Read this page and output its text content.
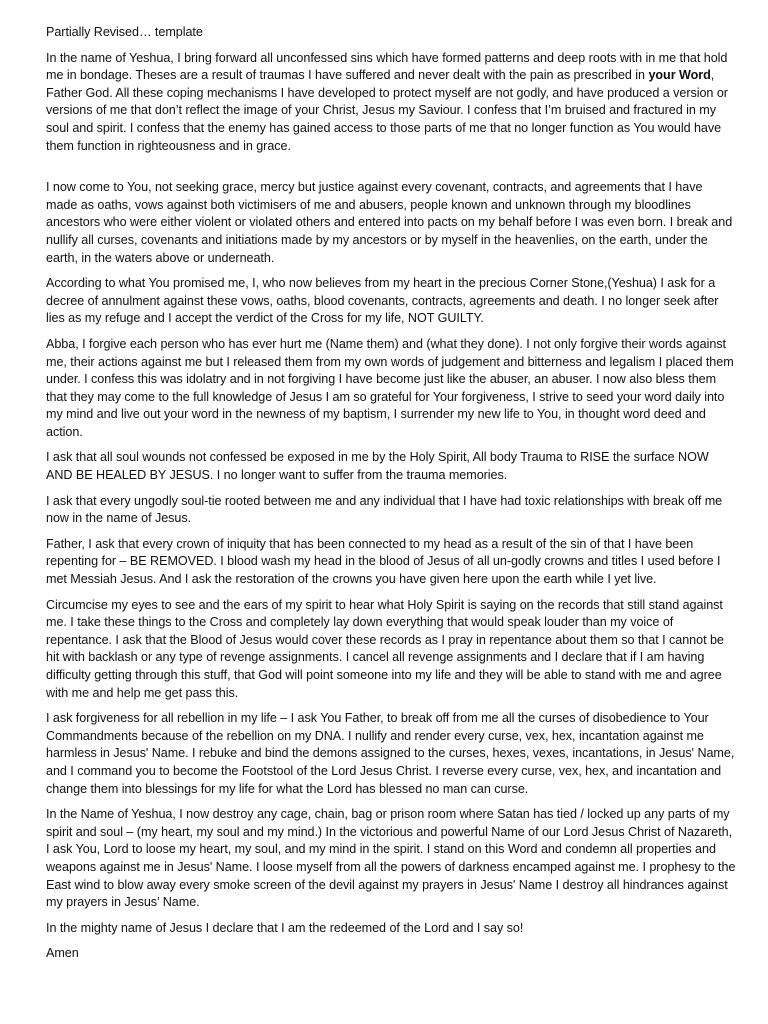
Partially Revised… template

In the name of Yeshua, I bring forward all unconfessed sins which have formed patterns and deep roots with in me that hold me in bondage. Theses are a result of traumas I have suffered and never dealt with the pain as prescribed in your Word, Father God. All these coping mechanisms I have developed to protect myself are not godly, and have produced a version or versions of me that don’t reflect the image of your Christ, Jesus my Saviour. I confess that I’m bruised and fractured in my soul and spirit. I confess that the enemy has gained access to those parts of me that no longer function as You would have them function in righteousness and in grace.

I now come to You, not seeking grace, mercy but justice against every covenant, contracts, and agreements that I have made as oaths, vows against both victimisers of me and abusers, people known and unknown through my bloodlines ancestors who were either violent or violated others and entered into pacts on my behalf before I was even born. I break and nullify all curses, covenants and initiations made by my ancestors or by myself in the heavenlies, on the earth, under the earth, in the waters above or underneath.

According to what You promised me, I, who now believes from my heart in the precious Corner Stone,(Yeshua) I ask for a decree of annulment against these vows, oaths, blood covenants, contracts, agreements and death. I no longer seek after lies as my refuge and I accept the verdict of the Cross for my life, NOT GUILTY.

Abba, I forgive each person who has ever hurt me (Name them) and (what they done). I not only forgive their words against me, their actions against me but I released them from my own words of judgement and bitterness and legalism I placed them under. I confess this was idolatry and in not forgiving I have become just like the abuser, an abuser. I now also bless them that they may come to the full knowledge of Jesus I am so grateful for Your forgiveness, I strive to seed your word daily into my mind and live out your word in the newness of my baptism, I surrender my new life to You, in thought word deed and action.

I ask that all soul wounds not confessed be exposed in me by the Holy Spirit, All body Trauma to RISE the surface NOW AND BE HEALED BY JESUS. I no longer want to suffer from the trauma memories.

I ask that every ungodly soul-tie rooted between me and any individual that I have had toxic relationships with break off me now in the name of Jesus.

Father, I ask that every crown of iniquity that has been connected to my head as a result of the sin of that I have been repenting for – BE REMOVED. I blood wash my head in the blood of Jesus of all un-godly crowns and titles I used before I met Messiah Jesus. And I ask the restoration of the crowns you have given here upon the earth while I yet live.

Circumcise my eyes to see and the ears of my spirit to hear what Holy Spirit is saying on the records that still stand against me. I take these things to the Cross and completely lay down everything that would speak louder than my voice of repentance. I ask that the Blood of Jesus would cover these records as I pray in repentance about them so that I cannot be hit with backlash or any type of revenge assignments. I cancel all revenge assignments and I declare that if I am having difficulty getting through this stuff, that God will point someone into my life and they will be able to stand with me and agree with me and help me get pass this.

I ask forgiveness for all rebellion in my life – I ask You Father, to break off from me all the curses of disobedience to Your Commandments because of the rebellion on my DNA. I nullify and render every curse, vex, hex, incantation against me harmless in Jesus' Name. I rebuke and bind the demons assigned to the curses, hexes, vexes, incantations, in Jesus' Name, and I command you to become the Footstool of the Lord Jesus Christ. I reverse every curse, vex, hex, and incantation and change them into blessings for my life for what the Lord has blessed no man can curse.

In the Name of Yeshua, I now destroy any cage, chain, bag or prison room where Satan has tied / locked up any parts of my spirit and soul – (my heart, my soul and my mind.) In the victorious and powerful Name of our Lord Jesus Christ of Nazareth, I ask You, Lord to loose my heart, my soul, and my mind in the spirit. I stand on this Word and condemn all properties and weapons against me in Jesus' Name. I loose myself from all the powers of darkness encamped against me. I prophesy to the East wind to blow away every smoke screen of the devil against my prayers in Jesus' Name I destroy all hindrances against my prayers in Jesus’ Name.

In the mighty name of Jesus I declare that I am the redeemed of the Lord and I say so!

Amen
